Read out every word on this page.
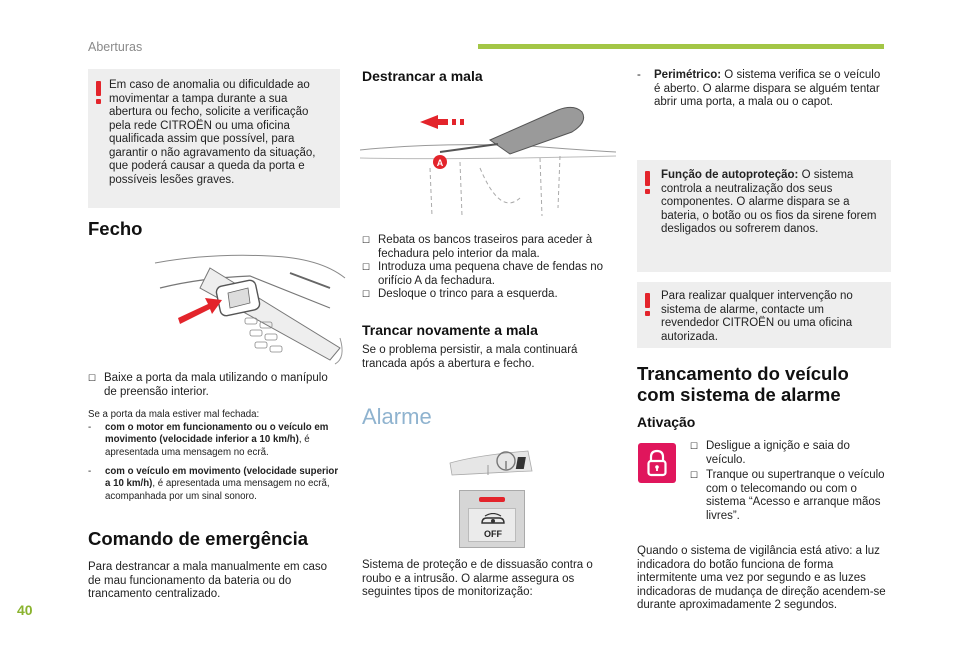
Aberturas
40
Em caso de anomalia ou dificuldade ao movimentar a tampa durante a sua abertura ou fecho, solicite a verificação pela rede CITROËN ou uma oficina qualificada assim que possível, para garantir o não agravamento da situação, que poderá causar a queda da porta e possíveis lesões graves.
Fecho
☐ Baixe a porta da mala utilizando o manípulo de preensão interior.
Se a porta da mala estiver mal fechada:
-	com o motor em funcionamento ou o veículo em movimento (velocidade inferior a 10 km/h), é apresentada uma mensagem no ecrã.
-	com o veículo em movimento (velocidade superior a 10 km/h), é apresentada uma mensagem no ecrã, acompanhada por um sinal sonoro.
Comando de emergência

Para destrancar a mala manualmente em caso de mau funcionamento da bateria ou do trancamento centralizado.

Destrancar a mala
A
☐ Rebata os bancos traseiros para aceder à fechadura pelo interior da mala.
☐ Introduza uma pequena chave de fendas no orifício A da fechadura.
☐ Desloque o trinco para a esquerda.
Trancar novamente a mala

Se o problema persistir, a mala continuará trancada após a abertura e fecho.

Alarme
OFF

Sistema de proteção e de dissuasão contra o roubo e a intrusão. O alarme assegura os seguintes tipos de monitorização:

-	Perimétrico: O sistema verifica se o veículo é aberto. O alarme dispara se alguém tentar abrir uma porta, a mala ou o capot.
Função de autoproteção: O sistema controla a neutralização dos seus componentes. O alarme dispara se a bateria, o botão ou os fios da sirene forem desligados ou sofrerem danos.
Para realizar qualquer intervenção no sistema de alarme, contacte um revendedor CITROËN ou uma oficina autorizada.
Trancamento do veículo
com sistema de alarme
Ativação
☐ Desligue a ignição e saia do veículo.
☐ Tranque ou supertranque o veículo com o telecomando ou com o sistema “Acesso e arranque mãos livres”.

Quando o sistema de vigilância está ativo: a luz indicadora do botão funciona de forma intermitente uma vez por segundo e as luzes indicadoras de mudança de direção acendem-se durante aproximadamente 2 segundos.
